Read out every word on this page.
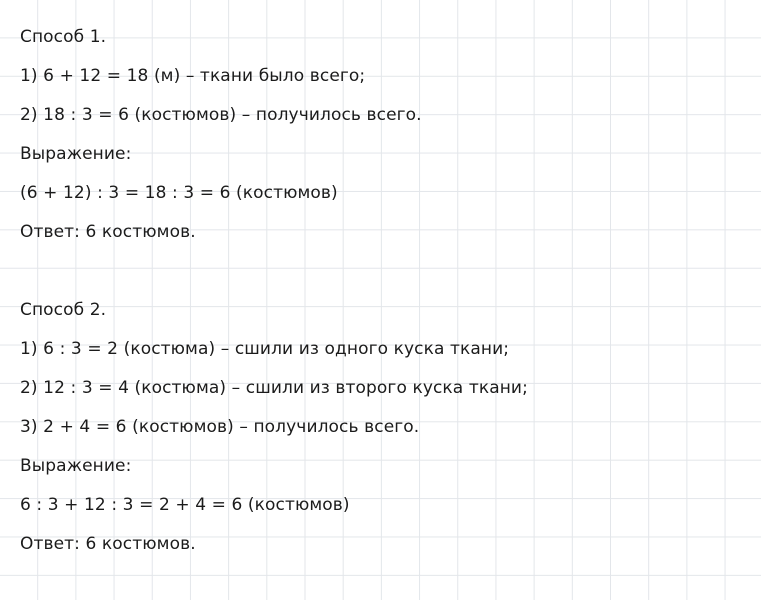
Способ 1.

1) 6 + 12 = 18 (м) – ткани было всего;

2) 18 : 3 = 6 (костюмов) – получилось всего.

Выражение:

(6 + 12) : 3 = 18 : 3 = 6 (костюмов)

Ответ: 6 костюмов.

Способ 2.

1) 6 : 3 = 2 (костюма) – сшили из одного куска ткани;

2) 12 : 3 = 4 (костюма) – сшили из второго куска ткани;

3) 2 + 4 = 6 (костюмов) – получилось всего.

Выражение:

6 : 3 + 12 : 3 = 2 + 4 = 6 (костюмов)

Ответ: 6 костюмов.
